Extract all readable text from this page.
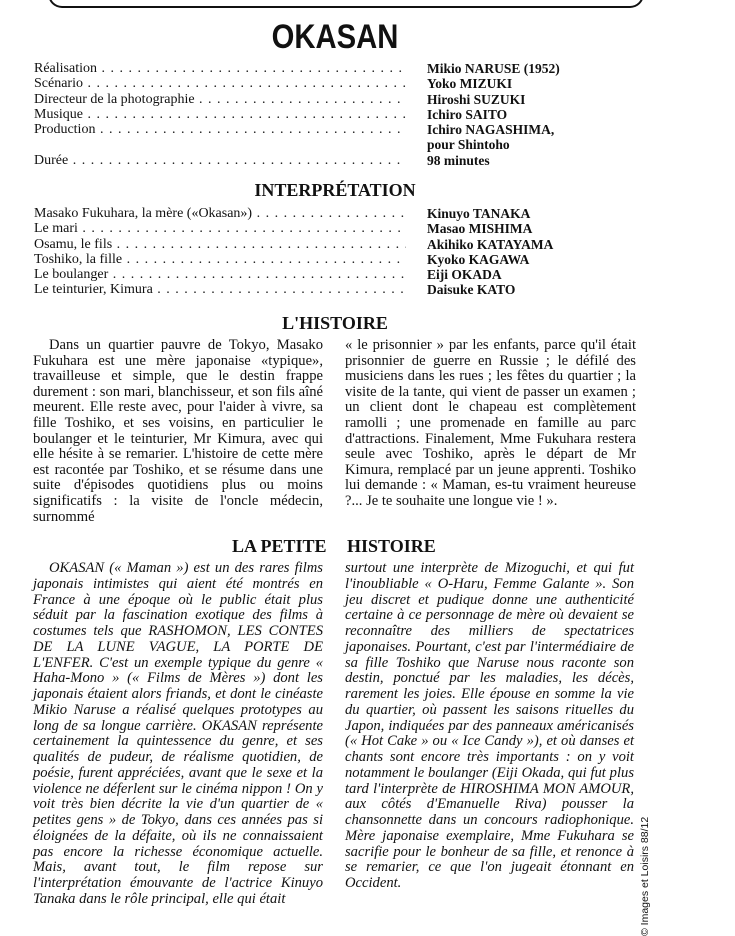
OKASAN
Réalisation . . .	Mikio NARUSE (1952)
Scénario . . .	Yoko MIZUKI
Directeur de la photographie . . .	Hiroshi SUZUKI
Musique . . .	Ichiro SAITO
Production . . .	Ichiro NAGASHIMA,
pour Shintoho
Durée . . .	98 minutes
INTERPRÉTATION
Masako Fukuhara, la mère («Okasan») . . .	Kinuyo TANAKA
Le mari . . .	Masao MISHIMA
Osamu, le fils . . .	Akihiko KATAYAMA
Toshiko, la fille . . .	Kyoko KAGAWA
Le boulanger . . .	Eiji OKADA
Le teinturier, Kimura . . .	Daisuke KATO
L'HISTOIRE

Dans un quartier pauvre de Tokyo, Masako Fukuhara est une mère japonaise «typique», travailleuse et simple, que le destin frappe durement : son mari, blanchisseur, et son fils aîné meurent. Elle reste avec, pour l'aider à vivre, sa fille Toshiko, et ses voisins, en particulier le boulanger et le teinturier, Mr Kimura, avec qui elle hésite à se remarier. L'histoire de cette mère est racontée par Toshiko, et se résume dans une suite d'épisodes quotidiens plus ou moins significatifs : la visite de l'oncle médecin, surnommé

« le prisonnier » par les enfants, parce qu'il était prisonnier de guerre en Russie ; le défilé des musiciens dans les rues ; les fêtes du quartier ; la visite de la tante, qui vient de passer un examen ; un client dont le chapeau est complètement ramolli ; une promenade en famille au parc d'attractions. Finalement, Mme Fukuhara restera seule avec Toshiko, après le départ de Mr Kimura, remplacé par un jeune apprenti. Toshiko lui demande : « Maman, es-tu vraiment heureuse ?... Je te souhaite une longue vie ! ».

LA PETITE HISTOIRE

OKASAN (« Maman ») est un des rares films japonais intimistes qui aient été montrés en France à une époque où le public était plus séduit par la fascination exotique des films à costumes tels que RASHOMON, LES CONTES DE LA LUNE VAGUE, LA PORTE DE L'ENFER. C'est un exemple typique du genre « Haha-Mono » (« Films de Mères ») dont les japonais étaient alors friands, et dont le cinéaste Mikio Naruse a réalisé quelques prototypes au long de sa longue carrière. OKASAN représente certainement la quintessence du genre, et ses qualités de pudeur, de réalisme quotidien, de poésie, furent appréciées, avant que le sexe et la violence ne déferlent sur le cinéma nippon ! On y voit très bien décrite la vie d'un quartier de « petites gens » de Tokyo, dans ces années pas si éloignées de la défaite, où ils ne connaissaient pas encore la richesse économique actuelle. Mais, avant tout, le film repose sur l'interprétation émouvante de l'actrice Kinuyo Tanaka dans le rôle principal, elle qui était

surtout une interprète de Mizoguchi, et qui fut l'inoubliable « O-Haru, Femme Galante ». Son jeu discret et pudique donne une authenticité certaine à ce personnage de mère où devaient se reconnaître des milliers de spectatrices japonaises. Pourtant, c'est par l'intermédiaire de sa fille Toshiko que Naruse nous raconte son destin, ponctué par les maladies, les décès, rarement les joies. Elle épouse en somme la vie du quartier, où passent les saisons rituelles du Japon, indiquées par des panneaux américanisés (« Hot Cake » ou « Ice Candy »), et où danses et chants sont encore très importants : on y voit notamment le boulanger (Eiji Okada, qui fut plus tard l'interprète de HIROSHIMA MON AMOUR, aux côtés d'Emanuelle Riva) pousser la chansonnette dans un concours radiophonique. Mère japonaise exemplaire, Mme Fukuhara se sacrifie pour le bonheur de sa fille, et renonce à se remarier, ce que l'on jugeait étonnant en Occident.	© Images et Loisirs 88/12
